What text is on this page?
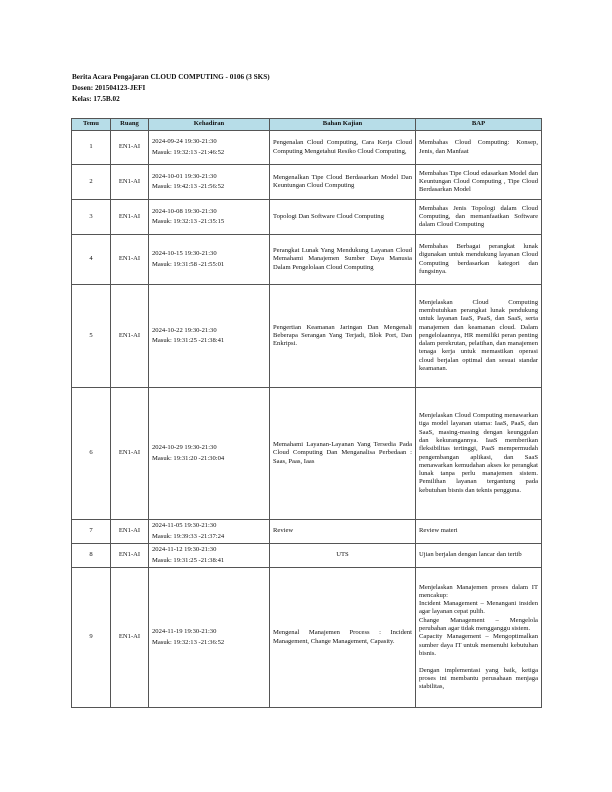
Berita Acara Pengajaran CLOUD COMPUTING - 0106 (3 SKS)
Dosen: 201504123-JEFI
Kelas: 17.5B.02
Temu	Ruang	Kehadiran	Bahan Kajian	BAP
1	EN1-AI	2024-09-24 19:30-21:30
Masuk: 19:32:13 -21:46:52	Pengenalan Cloud Computing, Cara Kerja Cloud Computing Mengetahui Resiko Cloud Computing,	Membahas Cloud Computing: Konsep, Jenis, dan Manfaat
2	EN1-AI	2024-10-01 19:30-21:30
Masuk: 19:42:13 -21:56:52	Mengenalkan Tipe Cloud Berdasarkan Model Dan Keuntungan Cloud Computing	Membahas Tipe Cloud edasarkan Model dan Keuntungan Cloud Computing , Tipe Cloud Berdasarkan Model
3	EN1-AI	2024-10-08 19:30-21:30
Masuk: 19:32:13 -21:35:15	Topologi Dan Software Cloud Computing	Membahas Jenis Topologi dalam Cloud Computing, dan memanfaatkan Software dalam Cloud Computing
4	EN1-AI	2024-10-15 19:30-21:30
Masuk: 19:31:58 -21:55:01	Perangkat Lunak Yang Mendukung Layanan Cloud Memahami Manajemen Sumber Daya Manusia Dalam Pengelolaan Cloud Computing	Membahas Berbagai perangkat lunak digunakan untuk mendukung layanan Cloud Computing berdasarkan kategori dan fungsinya.
5	EN1-AI	2024-10-22 19:30-21:30
Masuk: 19:31:25 -21:38:41	Pengertian Keamanan Jaringan Dan Mengenali Beberapa Serangan Yang Terjadi, Blok Port, Dan Enkripsi.	Menjelaskan Cloud Computing membutuhkan perangkat lunak pendukung untuk layanan IaaS, PaaS, dan SaaS, serta manajemen dan keamanan cloud. Dalam pengelolaannya, HR memiliki peran penting dalam perekrutan, pelatihan, dan manajemen tenaga kerja untuk memastikan operasi cloud berjalan optimal dan sesuai standar keamanan.
6	EN1-AI	2024-10-29 19:30-21:30
Masuk: 19:31:20 -21:30:04	Memahami Layanan-Layanan Yang Tersedia Pada Cloud Computing Dan Menganalisa Perbedaan : Saas, Paas, Iaas	Menjelaskan Cloud Computing menawarkan tiga model layanan utama: IaaS, PaaS, dan SaaS, masing-masing dengan keunggulan dan kekurangannya. IaaS memberikan fleksibilitas tertinggi, PaaS mempermudah pengembangan aplikasi, dan SaaS menawarkan kemudahan akses ke perangkat lunak tanpa perlu manajemen sistem. Pemilihan layanan tergantung pada kebutuhan bisnis dan teknis pengguna.
7	EN1-AI	2024-11-05 19:30-21:30
Masuk: 19:39:33 -21:37:24	Review	Review materi
8	EN1-AI	2024-11-12 19:30-21:30
Masuk: 19:31:25 -21:38:41	UTS	Ujian berjalan dengan lancar dan tertib
9	EN1-AI	2024-11-19 19:30-21:30
Masuk: 19:32:13 -21:36:52	Mengenal Manajemen Process : Incident Management, Change Management, Capasity.	Menjelaskan Manajemen proses dalam IT mencakup:
Incident Management – Menangani insiden agar layanan cepat pulih.
Change Management – Mengelola perubahan agar tidak mengganggu sistem.
Capacity Management – Mengoptimalkan sumber daya IT untuk memenuhi kebutuhan bisnis.

Dengan implementasi yang baik, ketiga proses ini membantu perusahaan menjaga stabilitas,
